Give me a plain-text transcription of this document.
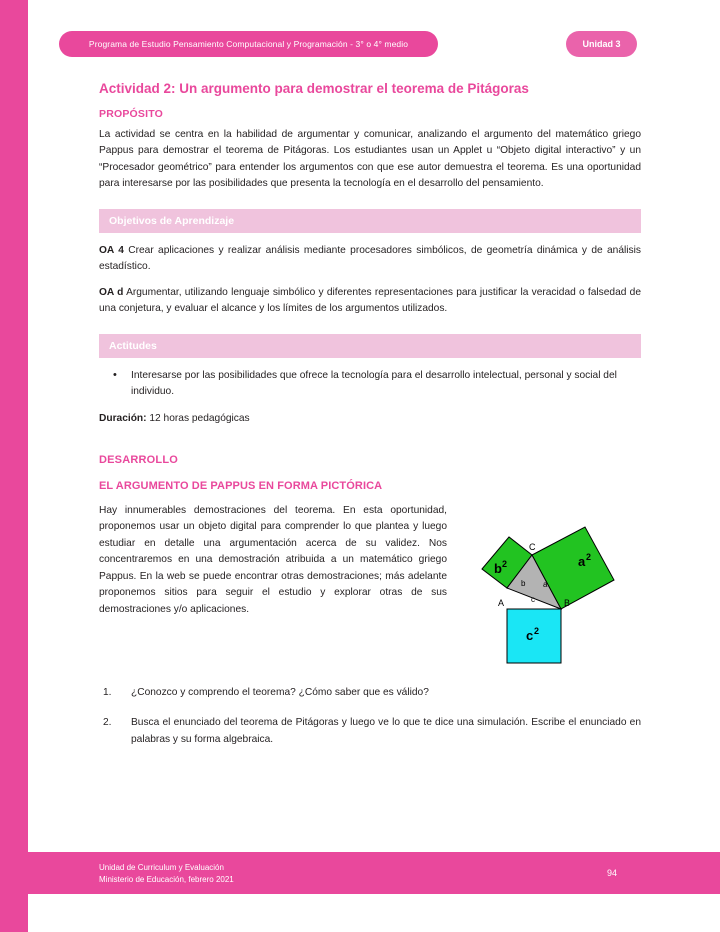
Programa de Estudio Pensamiento Computacional y Programación - 3° o 4° medio	Unidad 3
Actividad 2: Un argumento para demostrar el teorema de Pitágoras
PROPÓSITO

La actividad se centra en la habilidad de argumentar y comunicar, analizando el argumento del matemático griego Pappus para demostrar el teorema de Pitágoras. Los estudiantes usan un Applet u “Objeto digital interactivo” y un “Procesador geométrico” para entender los argumentos con que ese autor demuestra el teorema. Es una oportunidad para interesarse por las posibilidades que presenta la tecnología en el desarrollo del pensamiento.

Objetivos de Aprendizaje

OA 4 Crear aplicaciones y realizar análisis mediante procesadores simbólicos, de geometría dinámica y de análisis estadístico.

OA d Argumentar, utilizando lenguaje simbólico y diferentes representaciones para justificar la veracidad o falsedad de una conjetura, y evaluar el alcance y los límites de los argumentos utilizados.

Actitudes
• Interesarse por las posibilidades que ofrece la tecnología para el desarrollo intelectual, personal y social del individuo.

Duración: 12 horas pedagógicas

DESARROLLO
EL ARGUMENTO DE PAPPUS EN FORMA PICTÓRICA

Hay innumerables demostraciones del teorema. En esta oportunidad, proponemos usar un objeto digital para comprender lo que plantea y luego estudiar en detalle una argumentación acerca de su validez. Nos concentraremos en una demostración atribuida a un matemático griego Pappus. En la web se puede encontrar otras demostraciones; más adelante proponemos sitios para seguir el estudio y explorar otras de sus demostraciones y/o aplicaciones.

a 2
b 2
c 2
C
A	B
b a
c
¿Conozco y comprendo el teorema? ¿Cómo saber que es válido?
Busca el enunciado del teorema de Pitágoras y luego ve lo que te dice una simulación. Escribe el enunciado en palabras y su forma algebraica.
Unidad de Curriculum y Evaluación
Ministerio de Educación, febrero 2021
94
